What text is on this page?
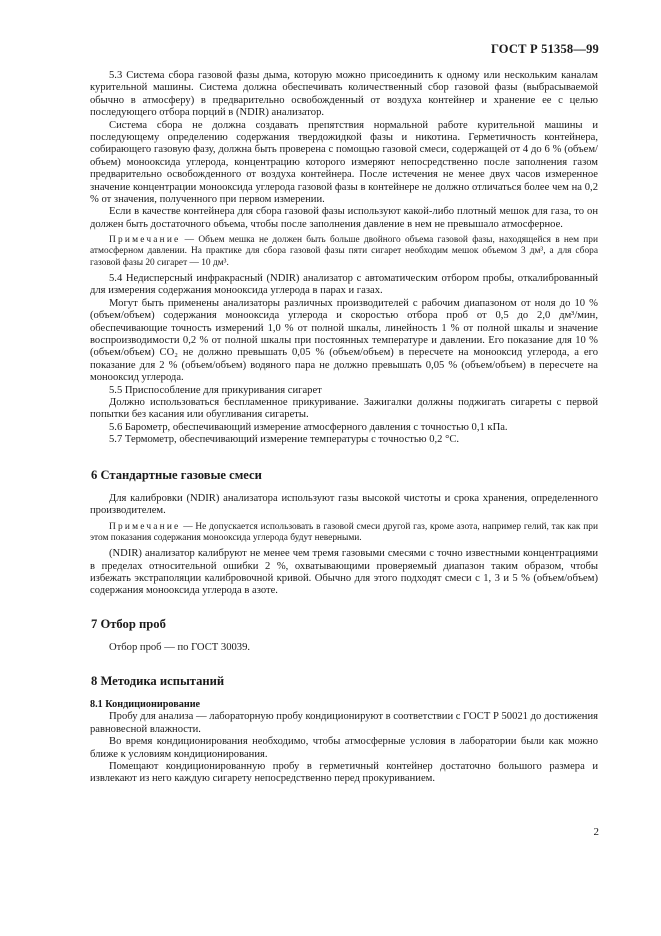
ГОСТ Р 51358—99

5.3 Система сбора газовой фазы дыма, которую можно присоединить к одному или нескольким каналам курительной машины. Система должна обеспечивать количественный сбор газовой фазы (выбрасываемой обычно в атмосферу) в предварительно освобожденный от воздуха контейнер и хранение ее с целью последующего отбора порций в (NDIR) анализатор.

Система сбора не должна создавать препятствия нормальной работе курительной машины и последующему определению содержания твердожидкой фазы и никотина. Герметичность контейнера, собирающего газовую фазу, должна быть проверена с помощью газовой смеси, содержащей от 4 до 6 % (объем/объем) монооксида углерода, концентрацию которого измеряют непосредственно после заполнения газом предварительно освобожденного от воздуха контейнера. После истечения не менее двух часов измеренное значение концентрации монооксида углерода газовой фазы в контейнере не должно отличаться более чем на 0,2 % от значения, полученного при первом измерении.

Если в качестве контейнера для сбора газовой фазы используют какой-либо плотный мешок для газа, то он должен быть достаточного объема, чтобы после заполнения давление в нем не превышало атмосферное.

Примечание — Объем мешка не должен быть больше двойного объема газовой фазы, находящейся в нем при атмосферном давлении. На практике для сбора газовой фазы пяти сигарет необходим мешок объемом 3 дм³, а для сбора газовой фазы 20 сигарет — 10 дм³.

5.4 Недисперсный инфракрасный (NDIR) анализатор с автоматическим отбором пробы, откалиброванный для измерения содержания монооксида углерода в парах и газах.

Могут быть применены анализаторы различных производителей с рабочим диапазоном от ноля до 10 % (объем/объем) содержания монооксида углерода и скоростью отбора проб от 0,5 до 2,0 дм³/мин, обеспечивающие точность измерений 1,0 % от полной шкалы, линейность 1 % от полной шкалы и значение воспроизводимости 0,2 % от полной шкалы при постоянных температуре и давлении. Его показание для 10 % (объем/объем) CO₂ не должно превышать 0,05 % (объем/объем) в пересчете на монооксид углерода, а его показание для 2 % (объем/объем) водяного пара не должно превышать 0,05 % (объем/объем) в пересчете на монооксид углерода.

5.5 Приспособление для прикуривания сигарет

Должно использоваться беспламенное прикуривание. Зажигалки должны поджигать сигареты с первой попытки без касания или обугливания сигареты.

5.6 Барометр, обеспечивающий измерение атмосферного давления с точностью 0,1 кПа.

5.7 Термометр, обеспечивающий измерение температуры с точностью 0,2 °С.

6 Стандартные газовые смеси

Для калибровки (NDIR) анализатора используют газы высокой чистоты и срока хранения, определенного производителем.

Примечание — Не допускается использовать в газовой смеси другой газ, кроме азота, например гелий, так как при этом показания содержания монооксида углерода будут неверными.

(NDIR) анализатор калибруют не менее чем тремя газовыми смесями с точно известными концентрациями в пределах относительной ошибки 2 %, охватывающими проверяемый диапазон таким образом, чтобы избежать экстраполяции калибровочной кривой. Обычно для этого подходят смеси с 1, 3 и 5 % (объем/объем) содержания монооксида углерода в азоте.

7 Отбор проб

Отбор проб — по ГОСТ 30039.

8 Методика испытаний

8.1 Кондиционирование

Пробу для анализа — лабораторную пробу кондиционируют в соответствии с ГОСТ Р 50021 до достижения равновесной влажности.

Во время кондиционирования необходимо, чтобы атмосферные условия в лаборатории были как можно ближе к условиям кондиционирования.

Помещают кондиционированную пробу в герметичный контейнер достаточно большого размера и извлекают из него каждую сигарету непосредственно перед прокуриванием.

2
